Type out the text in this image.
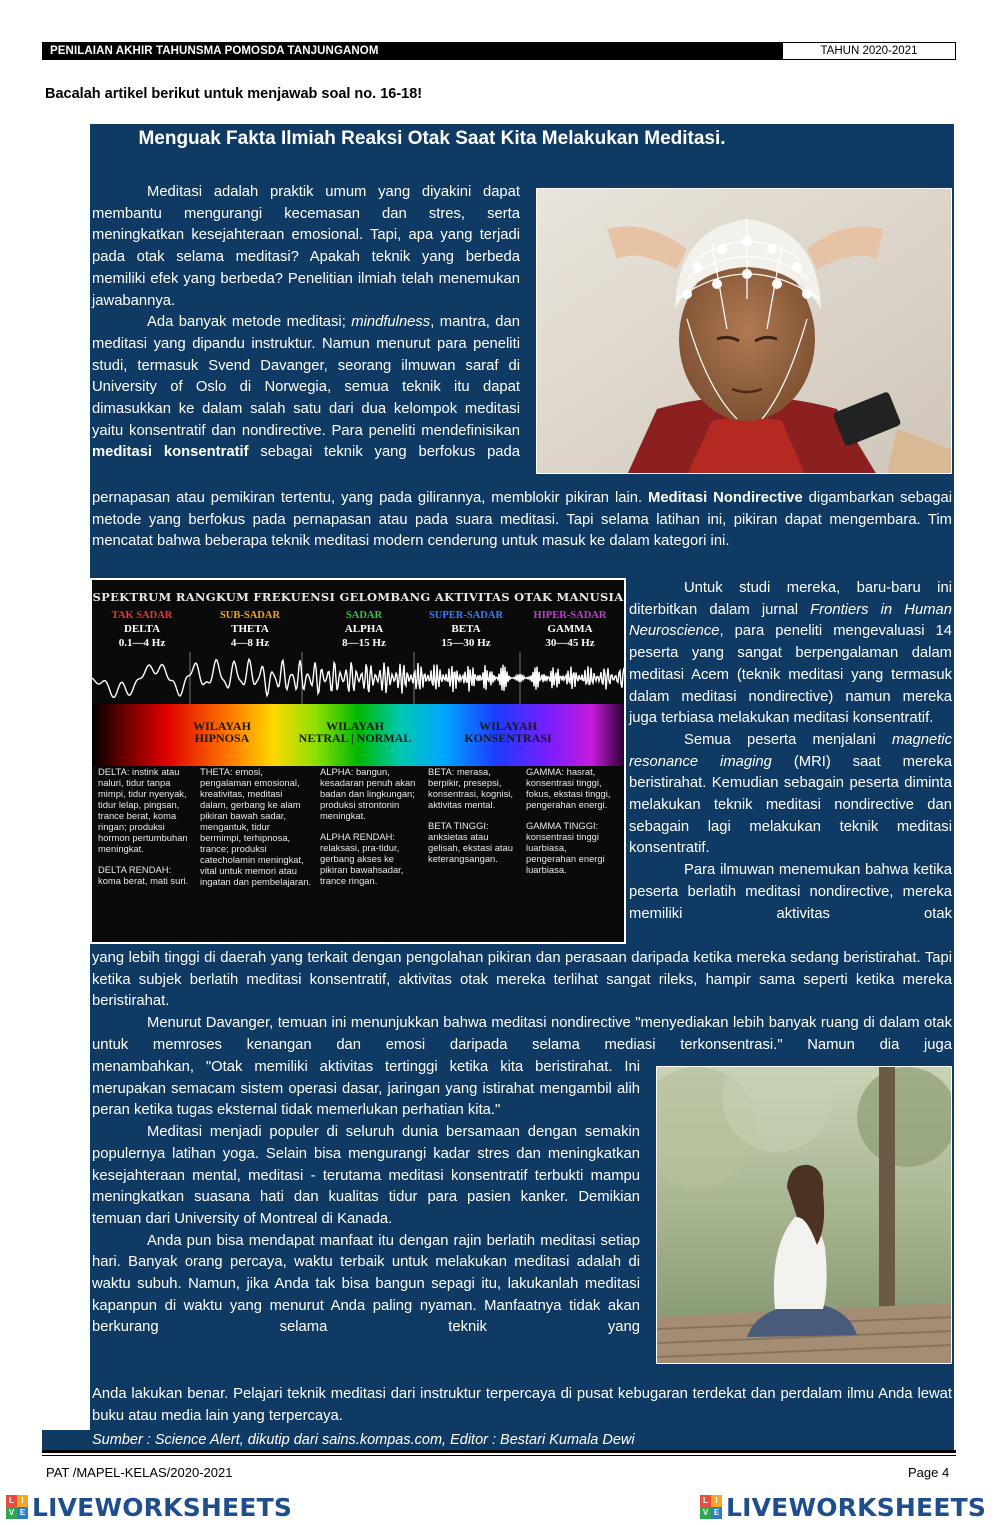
PENILAIAN AKHIR TAHUNSMA POMOSDA TANJUNGANOM	TAHUN 2020-2021
Bacalah artikel berikut untuk menjawab soal no. 16-18!
Menguak Fakta Ilmiah Reaksi Otak Saat Kita Melakukan Meditasi.

Meditasi adalah praktik umum yang diyakini dapat membantu mengurangi kecemasan dan stres, serta meningkatkan kesejahteraan emosional. Tapi, apa yang terjadi pada otak selama meditasi? Apakah teknik yang berbeda memiliki efek yang berbeda? Penelitian ilmiah telah menemukan jawabannya.

Ada banyak metode meditasi; mindfulness, mantra, dan meditasi yang dipandu instruktur. Namun menurut para peneliti studi, termasuk Svend Davanger, seorang ilmuwan saraf di University of Oslo di Norwegia, semua teknik itu dapat dimasukkan ke dalam salah satu dari dua kelompok meditasi yaitu konsentratif dan nondirective. Para peneliti mendefinisikan meditasi konsentratif sebagai teknik yang berfokus pada

pernapasan atau pemikiran tertentu, yang pada gilirannya, memblokir pikiran lain. Meditasi Nondirective digambarkan sebagai metode yang berfokus pada pernapasan atau pada suara meditasi. Tapi selama latihan ini, pikiran dapat mengembara. Tim mencatat bahwa beberapa teknik meditasi modern cenderung untuk masuk ke dalam kategori ini.

SPEKTRUM RANGKUM FREKUENSI GELOMBANG AKTIVITAS OTAK MANUSIA
TAK SADAR
DELTA
0.1—4 Hz
SUB-SADAR
THETA
4—8 Hz
SADAR
ALPHA
8—15 Hz
SUPER-SADAR
BETA
15—30 Hz
HIPER-SADAR
GAMMA
30—45 Hz
WILAYAH
HIPNOSA
WILAYAH
NETRAL | NORMAL
WILAYAH
KONSENTRASI

DELTA: instink atau naluri, tidur tanpa mimpi, tidur nyenyak, tidur lelap, pingsan, trance berat, koma ringan; produksi hormon pertumbuhan meningkat.

DELTA RENDAH: koma berat, mati suri.

THETA: emosi, pengalaman emosional, kreativitas, meditasi dalam, gerbang ke alam pikiran bawah sadar, mengantuk, tidur bermimpi, terhipnosa, trance; produksi catecholamin meningkat, vital untuk memori atau ingatan dan pembelajaran.

ALPHA: bangun, kesadaran penuh akan badan dan lingkungan; produksi strontonin meningkat.

ALPHA RENDAH: relaksasi, pra-tidur, gerbang akses ke pikiran bawahsadar, trance ringan.

BETA: merasa, berpikir, presepsi, konsentrasi, kognisi, aktivitas mental.

BETA TINGGI: anksietas atau gelisah, ekstasi atau keterangsangan.

GAMMA: hasrat, konsentrasi tinggi, fokus, ekstasi tinggi, pengerahan energi.

GAMMA TINGGI: konsentrasi tinggi luarbiasa, pengerahan energi luarbiasa.

Untuk studi mereka, baru-baru ini diterbitkan dalam jurnal Frontiers in Human Neuroscience, para peneliti mengevaluasi 14 peserta yang sangat berpengalaman dalam meditasi Acem (teknik meditasi yang termasuk dalam meditasi nondirective) namun mereka juga terbiasa melakukan meditasi konsentratif.

Semua peserta menjalani magnetic resonance imaging (MRI) saat mereka beristirahat. Kemudian sebagain peserta diminta melakukan teknik meditasi nondirective dan sebagain lagi melakukan teknik meditasi konsentratif.

Para ilmuwan menemukan bahwa ketika peserta berlatih meditasi nondirective, mereka memiliki aktivitas otak

yang lebih tinggi di daerah yang terkait dengan pengolahan pikiran dan perasaan daripada ketika mereka sedang beristirahat. Tapi ketika subjek berlatih meditasi konsentratif, aktivitas otak mereka terlihat sangat rileks, hampir sama seperti ketika mereka beristirahat.

Menurut Davanger, temuan ini menunjukkan bahwa meditasi nondirective "menyediakan lebih banyak ruang di dalam otak untuk memroses kenangan dan emosi daripada selama mediasi terkonsentrasi." Namun dia juga

menambahkan, "Otak memiliki aktivitas tertinggi ketika kita beristirahat. Ini merupakan semacam sistem operasi dasar, jaringan yang istirahat mengambil alih peran ketika tugas eksternal tidak memerlukan perhatian kita."

Meditasi menjadi populer di seluruh dunia bersamaan dengan semakin populernya latihan yoga. Selain bisa mengurangi kadar stres dan meningkatkan kesejahteraan mental, meditasi - terutama meditasi konsentratif terbukti mampu meningkatkan suasana hati dan kualitas tidur para pasien kanker. Demikian temuan dari University of Montreal di Kanada.

Anda pun bisa mendapat manfaat itu dengan rajin berlatih meditasi setiap hari. Banyak orang percaya, waktu terbaik untuk melakukan meditasi adalah di waktu subuh. Namun, jika Anda tak bisa bangun sepagi itu, lakukanlah meditasi kapanpun di waktu yang menurut Anda paling nyaman. Manfaatnya tidak akan berkurang selama teknik yang

Anda lakukan benar. Pelajari teknik meditasi dari instruktur terpercaya di pusat kebugaran terdekat dan perdalam ilmu Anda lewat buku atau media lain yang terpercaya.

Sumber : Science Alert, dikutip dari sains.kompas.com, Editor : Bestari Kumala Dewi
PAT /MAPEL-KELAS/2020-2021	Page 4
L I
V E LIVEWORKSHEETS	L I
V E LIVEWORKSHEETS
